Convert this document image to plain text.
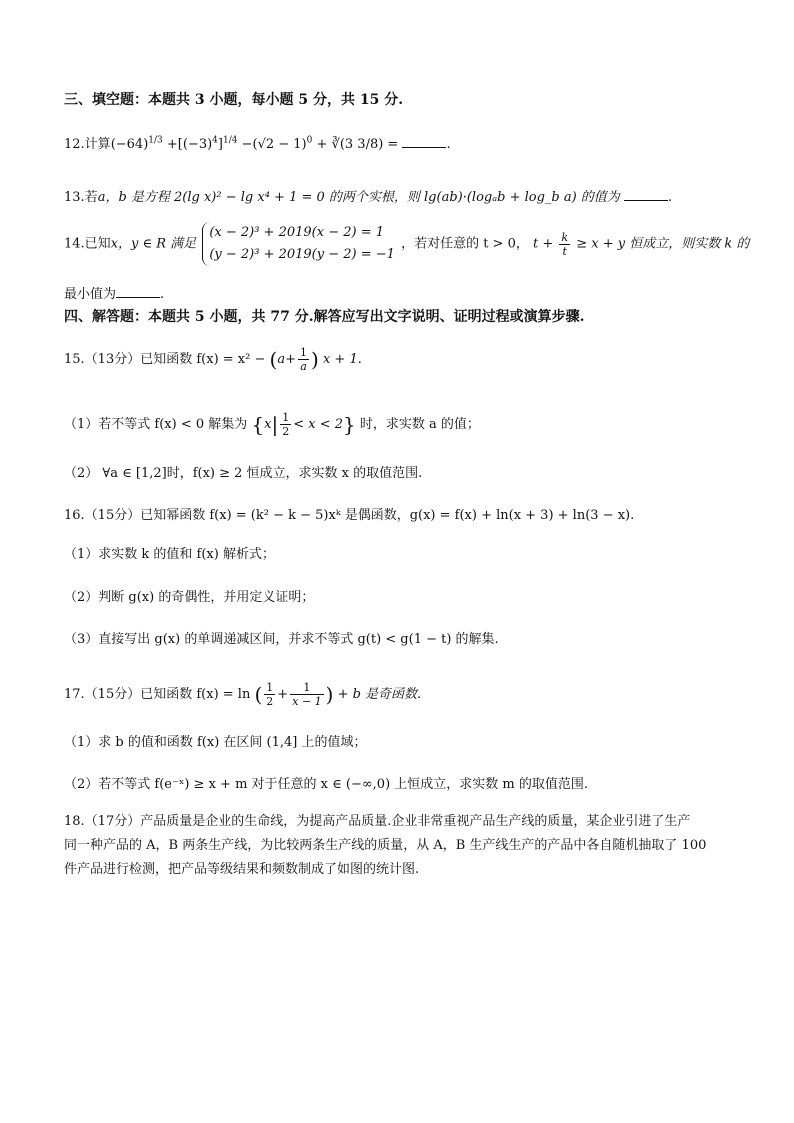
三、填空题：本题共 3 小题，每小题 5 分，共 15 分.
12.计算$(-64)^{1/3} +[(-3)^4]^{1/4} -(√2 - 1)^0$ + ∛(3 3/8) =	.
13.若a，b 是方程 2(lg x)² − lg x⁴ + 1 = 0 的两个实根，则 lg(ab)·(logₐb + log_b a) 的值为	.
14.已知x，y ∈ R 满足
(x − 2)³ + 2019(x − 2) = 1
(y − 2)³ + 2019(y − 2) = −1
，若对任意的 t > 0， $t + \frac{k}{t} \ge x + y$ 恒成立，则实数 k 的
最小值为	.
四、解答题：本题共 5 小题，共 77 分.解答应写出文字说明、证明过程或演算步骤.
15.（13分）已知函数 $f(x) = x^2 - (a+ \frac{1}{a}$ ) x + 1.
（1）若不等式 f(x) < 0 解集为 $\{x| \frac{1}{2} < x < 2\}$ 时，求实数 a 的值；
（2） ∀a ∈ [1,2]时，f(x) ≥ 2 恒成立，求实数 x 的取值范围.
16.（15分）已知幂函数 f(x) = (k² − k − 5)xᵏ 是偶函数，g(x) = f(x) + ln(x + 3) + ln(3 − x).
（1）求实数 k 的值和 f(x) 解析式；
（2）判断 g(x) 的奇偶性，并用定义证明；
（3）直接写出 g(x) 的单调递减区间，并求不等式 g(t) < g(1 − t) 的解集.
17.（15分）已知函数 f(x) = ln ( $\frac{1}{2} + \frac{1}{x - 1}$ ) + b 是奇函数.
（1）求 b 的值和函数 f(x) 在区间 (1,4] 上的值域；
（2）若不等式 f(e⁻ˣ) ≥ x + m 对于任意的 x ∈ (−∞,0) 上恒成立，求实数 m 的取值范围.
18.（17分）产品质量是企业的生命线，为提高产品质量.企业非常重视产品生产线的质量，某企业引进了生产
同一种产品的 A，B 两条生产线，为比较两条生产线的质量，从 A，B 生产线生产的产品中各自随机抽取了 100
件产品进行检测，把产品等级结果和频数制成了如图的统计图.
